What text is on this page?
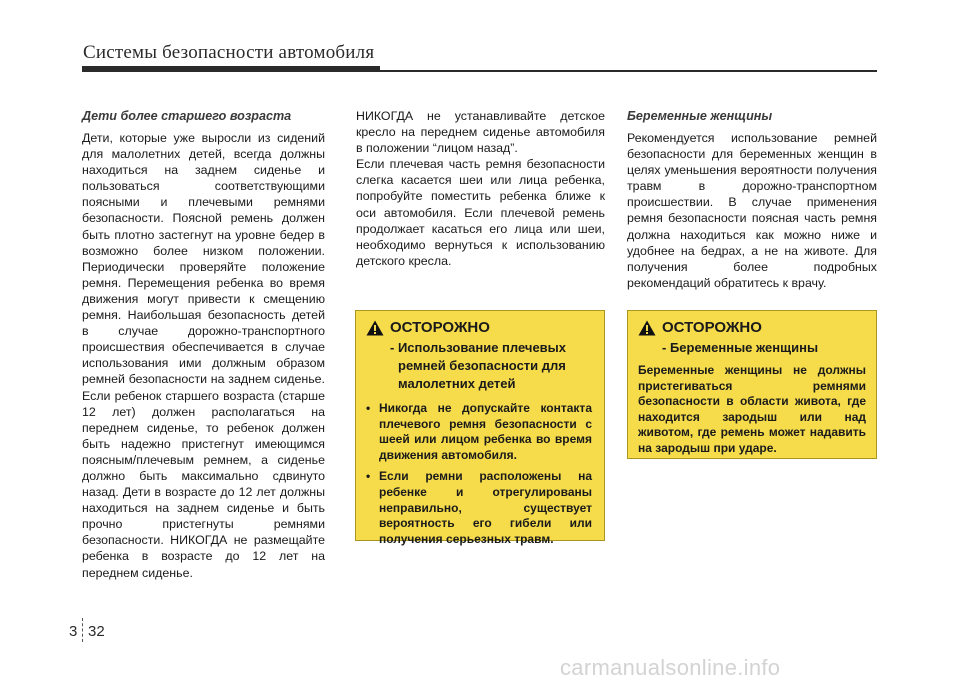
Системы безопасности автомобиля
Дети более старшего возраста

Дети, которые уже выросли из сидений для малолетних детей, всегда должны находиться на заднем сиденье и пользоваться соответствующими поясными и плечевыми ремнями безопасности. Поясной ремень должен быть плотно застегнут на уровне бедер в возможно более низком положении. Периодически проверяйте положение ремня. Перемещения ребенка во время движения могут привести к смещению ремня. Наибольшая безопасность детей в случае дорожно-транспортного происшествия обеспечивается в случае использования ими должным образом ремней безопасности на заднем сиденье. Если ребенок старшего возраста (старше 12 лет) должен располагаться на переднем сиденье, то ребенок должен быть надежно пристегнут имеющимся поясным/плечевым ремнем, а сиденье должно быть максимально сдвинуто назад. Дети в возрасте до 12 лет должны находиться на заднем сиденье и быть прочно пристегнуты ремнями безопасности. НИКОГДА не размещайте ребенка в возрасте до 12 лет на переднем сиденье.

НИКОГДА не устанавливайте детское кресло на переднем сиденье автомобиля в положении “лицом назад”.
Если плечевая часть ремня безопасности слегка касается шеи или лица ребенка, попробуйте поместить ребенка ближе к оси автомобиля. Если плечевой ремень продолжает касаться его лица или шеи, необходимо вернуться к использованию детского кресла.

ОСТОРОЖНО
- Использование плечевых ремней безопасности для малолетних детей
• Никогда не допускайте контакта плечевого ремня безопасности с шеей или лицом ребенка во время движения автомобиля.
• Если ремни расположены на ребенке и отрегулированы неправильно, существует вероятность его гибели или получения серьезных травм.
Беременные женщины

Рекомендуется использование ремней безопасности для беременных женщин в целях уменьшения вероятности получения травм в дорожно-транспортном происшествии. В случае применения ремня безопасности поясная часть ремня должна находиться как можно ниже и удобнее на бедрах, а не на животе. Для получения более подробных рекомендаций обратитесь к врачу.

ОСТОРОЖНО
- Беременные женщины
Беременные женщины не должны пристегиваться ремнями безопасности в области живота, где находится зародыш или над животом, где ремень может надавить на зародыш при ударе.
3 32
carmanualsonline.info
